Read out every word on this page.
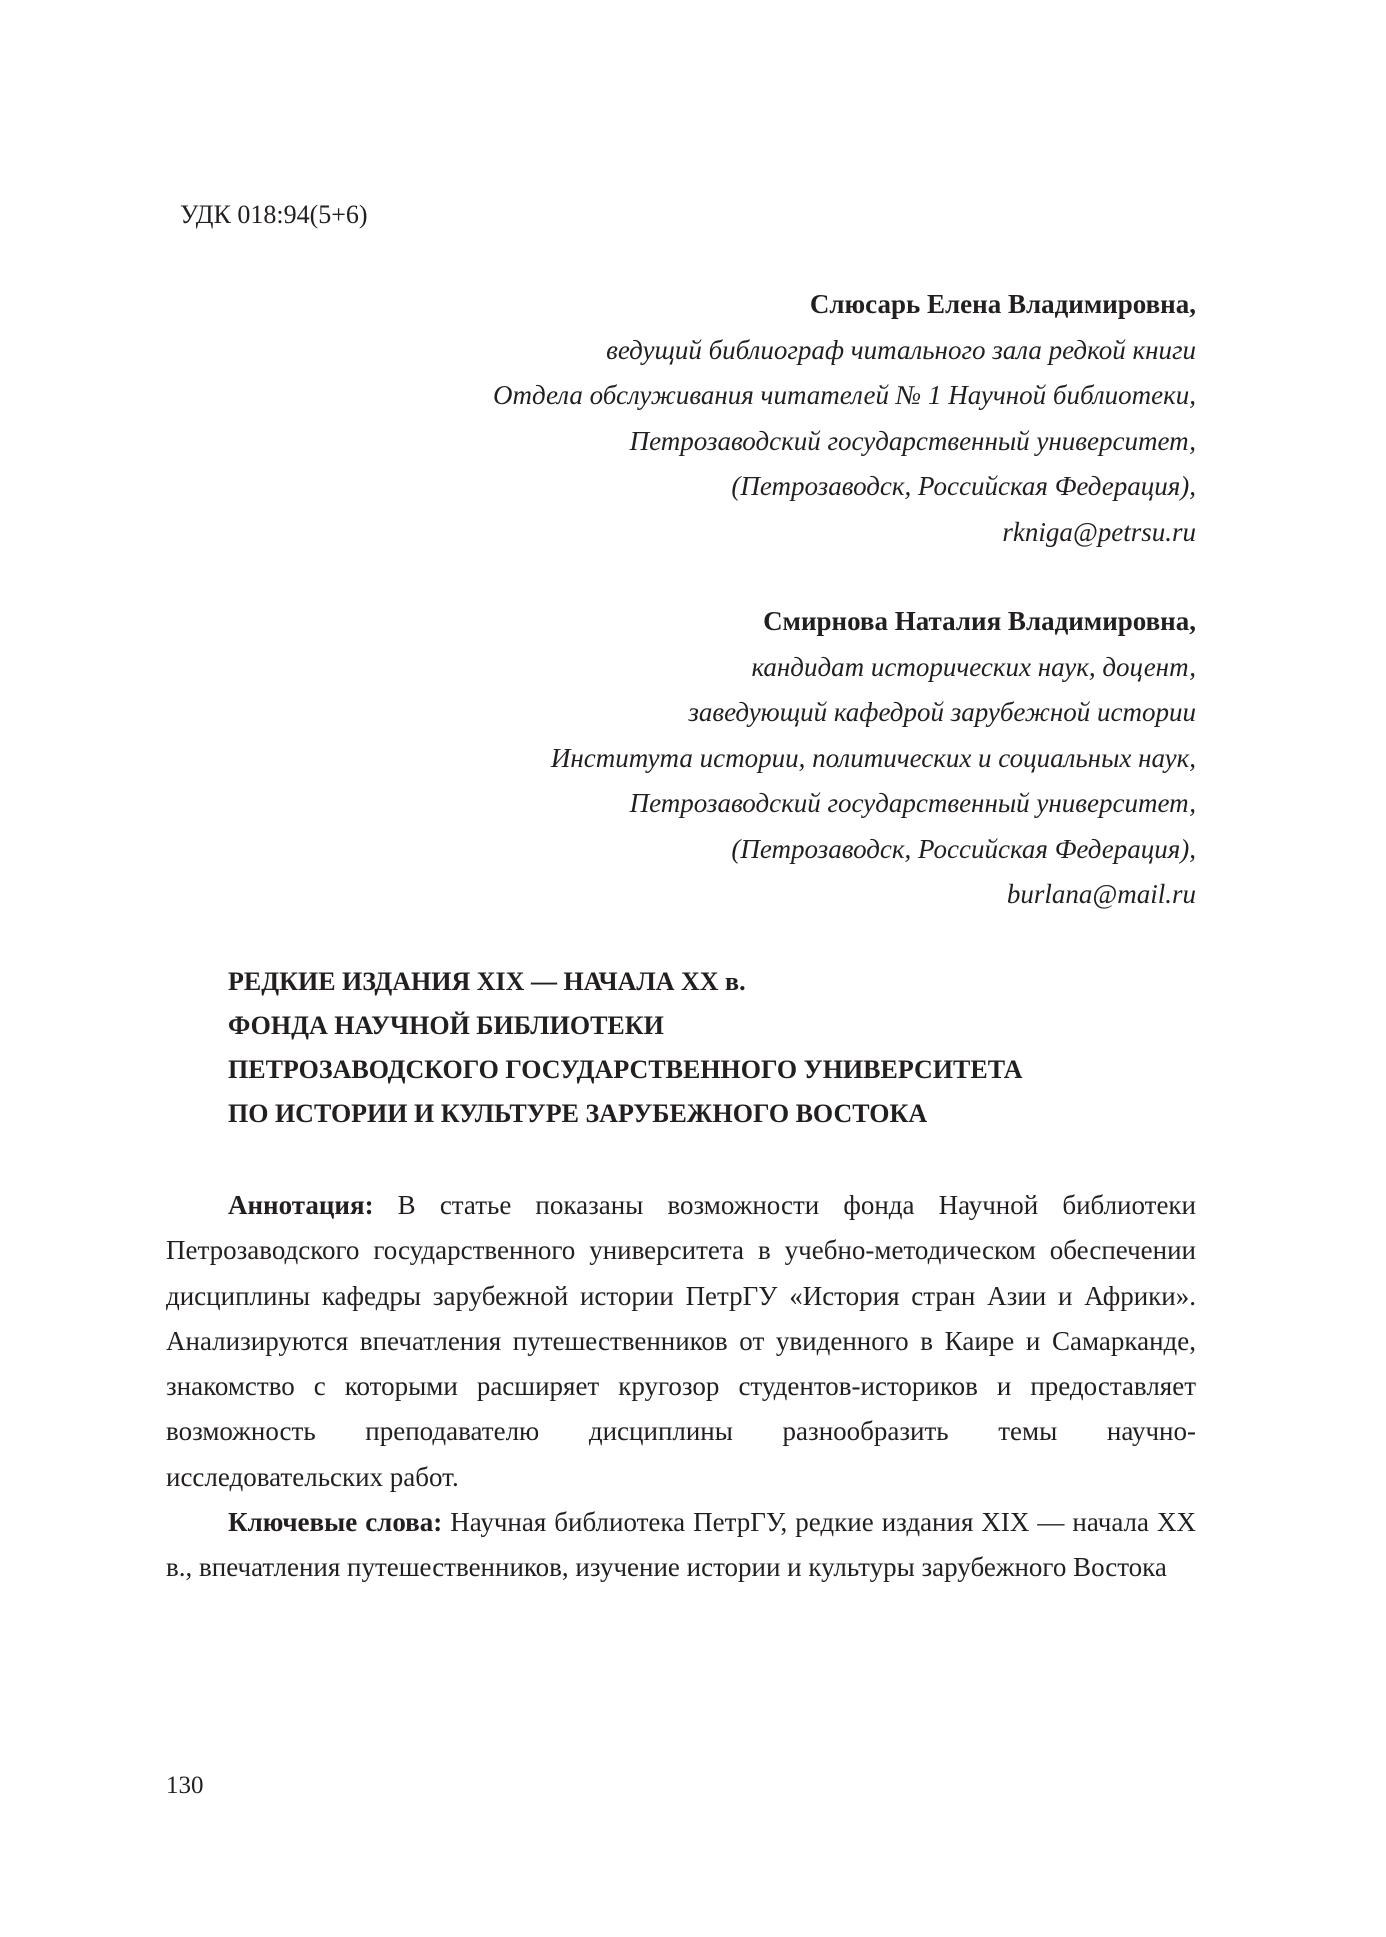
УДК 018:94(5+6)
Слюсарь Елена Владимировна,
ведущий библиограф читального зала редкой книги
Отдела обслуживания читателей № 1 Научной библиотеки,
Петрозаводский государственный университет,
(Петрозаводск, Российская Федерация),
rkniga@petrsu.ru
Смирнова Наталия Владимировна,
кандидат исторических наук, доцент,
заведующий кафедрой зарубежной истории
Института истории, политических и социальных наук,
Петрозаводский государственный университет,
(Петрозаводск, Российская Федерация),
burlana@mail.ru
РЕДКИЕ ИЗДАНИЯ XIX — НАЧАЛА XX в.
ФОНДА НАУЧНОЙ БИБЛИОТЕКИ
ПЕТРОЗАВОДСКОГО ГОСУДАРСТВЕННОГО УНИВЕРСИТЕТА
ПО ИСТОРИИ И КУЛЬТУРЕ ЗАРУБЕЖНОГО ВОСТОКА

Аннотация: В статье показаны возможности фонда Научной библиотеки Петрозаводского государственного университета в учебно-методическом обеспечении дисциплины кафедры зарубежной истории ПетрГУ «История стран Азии и Африки». Анализируются впечатления путешественников от увиденного в Каире и Самарканде, знакомство с которыми расширяет кругозор студентов-историков и предоставляет возможность преподавателю дисциплины разнообразить темы научно-исследовательских работ.

Ключевые слова: Научная библиотека ПетрГУ, редкие издания XIX — начала XX в., впечатления путешественников, изучение истории и культуры зарубежного Востока

130
